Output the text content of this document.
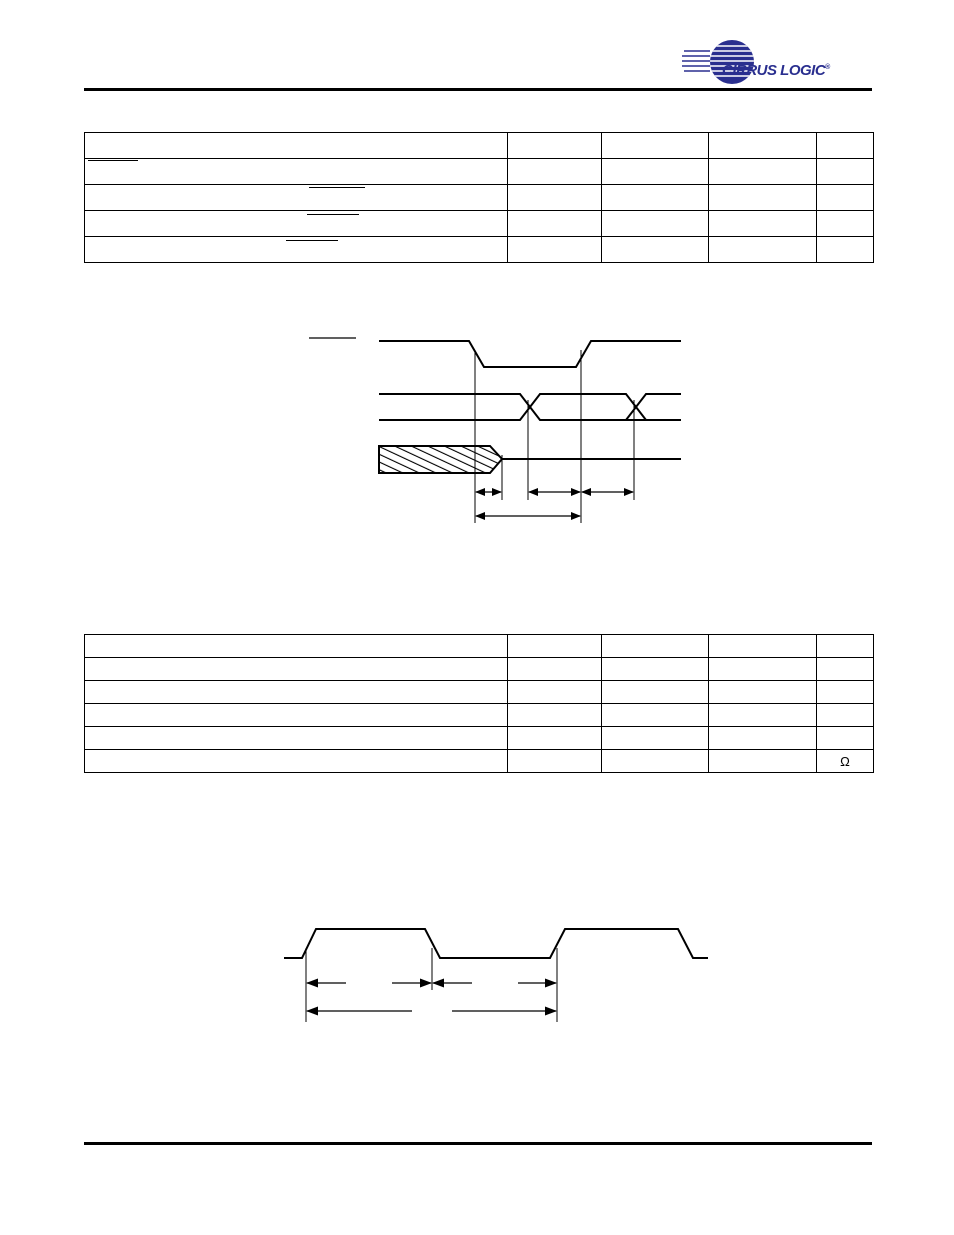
CIRRUS LOGIC®

				Ω
